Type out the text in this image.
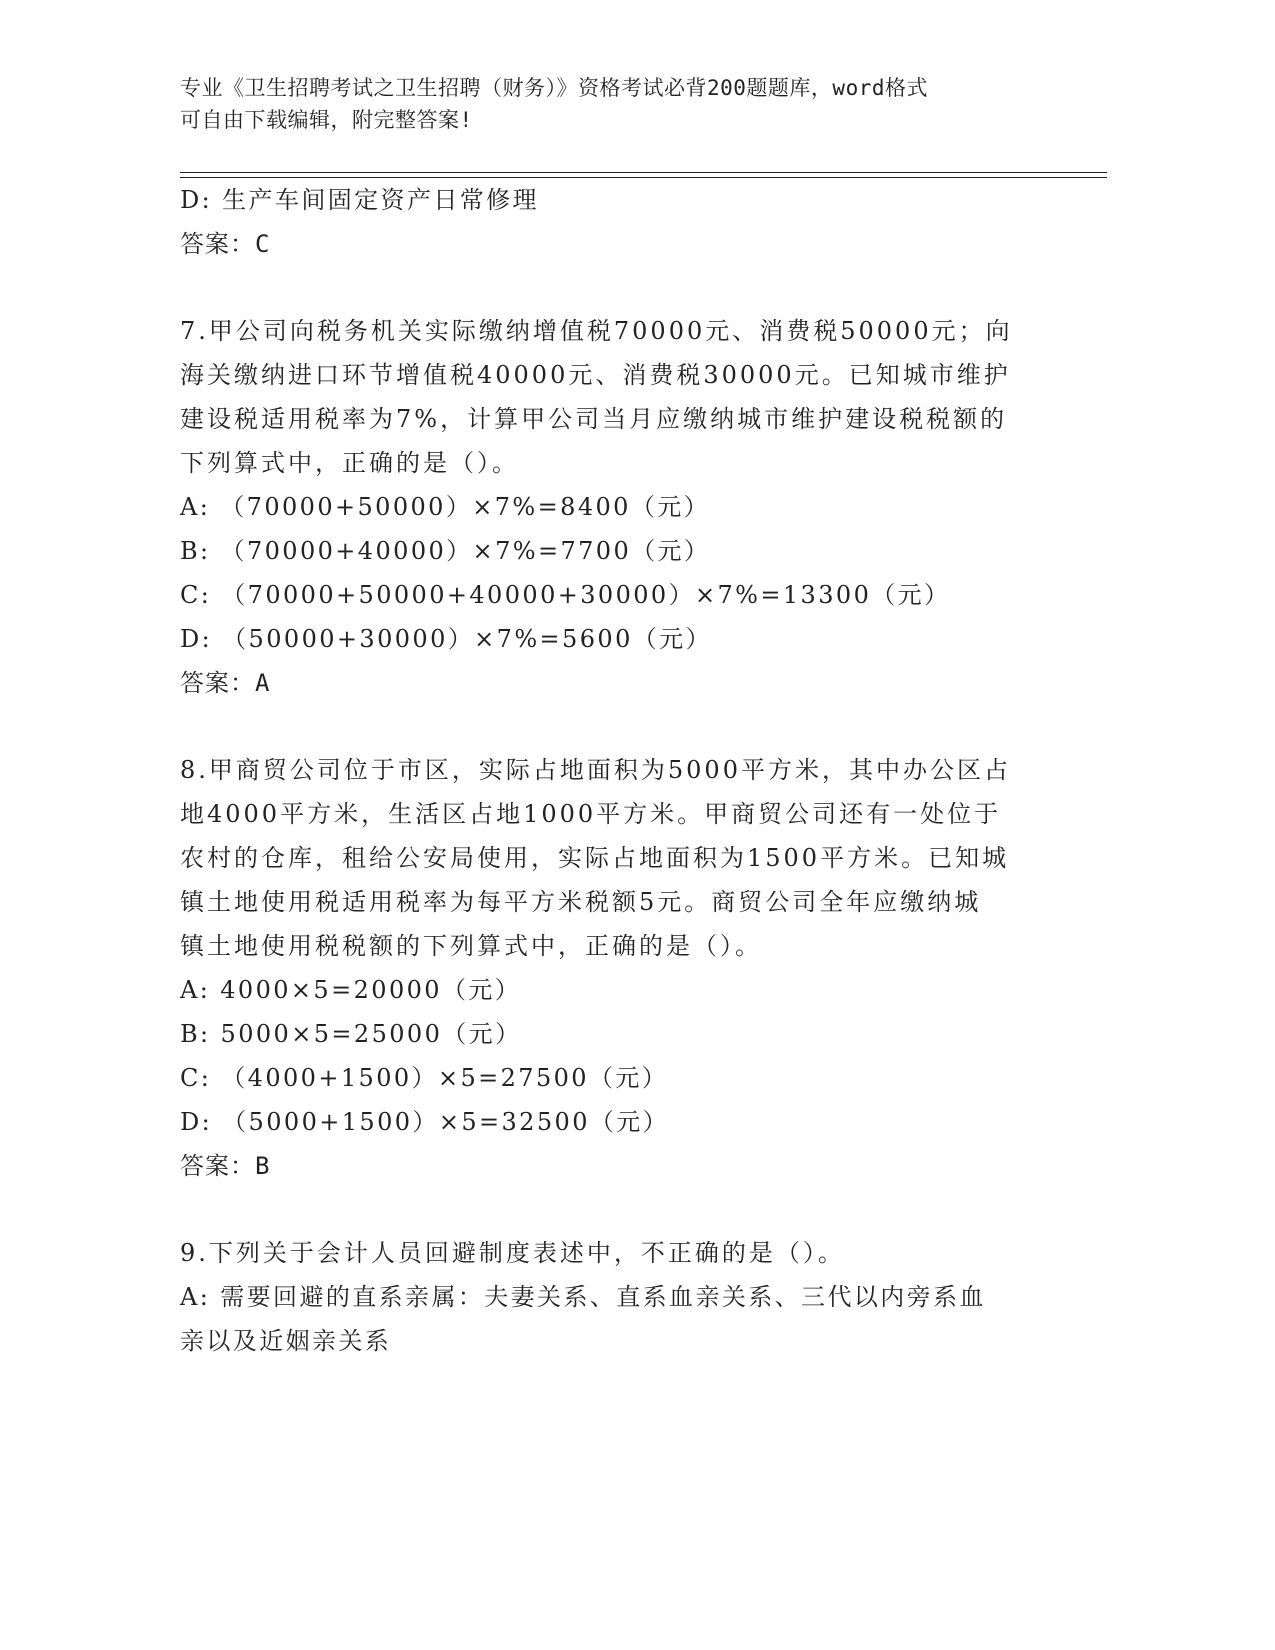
专业《卫生招聘考试之卫生招聘（财务）》资格考试必背200题题库，word格式
可自由下载编辑，附完整答案!
D: 生产车间固定资产日常修理
答案：C
7.甲公司向税务机关实际缴纳增值税70000元、消费税50000元；向
海关缴纳进口环节增值税40000元、消费税30000元。已知城市维护
建设税适用税率为7%，计算甲公司当月应缴纳城市维护建设税税额的
下列算式中，正确的是（）。
A: （70000+50000）×7%=8400（元）
B: （70000+40000）×7%=7700（元）
C: （70000+50000+40000+30000）×7%=13300（元）
D: （50000+30000）×7%=5600（元）
答案：A
8.甲商贸公司位于市区，实际占地面积为5000平方米，其中办公区占
地4000平方米，生活区占地1000平方米。甲商贸公司还有一处位于
农村的仓库，租给公安局使用，实际占地面积为1500平方米。已知城
镇土地使用税适用税率为每平方米税额5元。商贸公司全年应缴纳城
镇土地使用税税额的下列算式中，正确的是（）。
A: 4000×5=20000（元）
B: 5000×5=25000（元）
C: （4000+1500）×5=27500（元）
D: （5000+1500）×5=32500（元）
答案：B
9.下列关于会计人员回避制度表述中，不正确的是（）。
A: 需要回避的直系亲属：夫妻关系、直系血亲关系、三代以内旁系血
亲以及近姻亲关系
